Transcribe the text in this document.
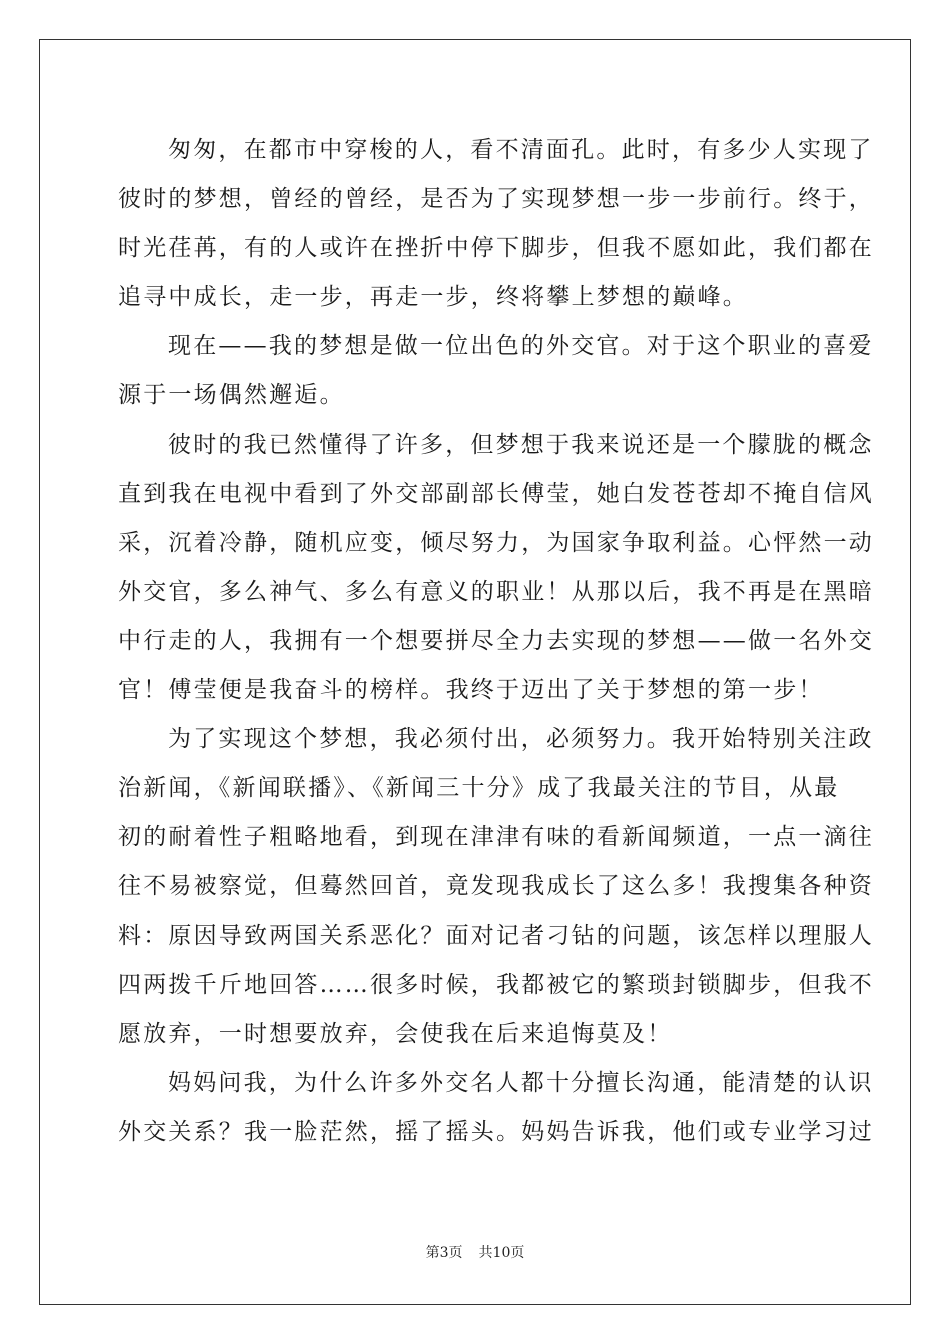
匆匆，在都市中穿梭的人，看不清面孔。此时，有多少人实现了
彼时的梦想，曾经的曾经，是否为了实现梦想一步一步前行。终于，
时光荏苒，有的人或许在挫折中停下脚步，但我不愿如此，我们都在
追寻中成长，走一步，再走一步，终将攀上梦想的巅峰。
现在——我的梦想是做一位出色的外交官。对于这个职业的喜爱
源于一场偶然邂逅。
彼时的我已然懂得了许多，但梦想于我来说还是一个朦胧的概念
直到我在电视中看到了外交部副部长傅莹，她白发苍苍却不掩自信风
采，沉着冷静，随机应变，倾尽努力，为国家争取利益。心怦然一动
外交官，多么神气、多么有意义的职业！从那以后，我不再是在黑暗
中行走的人，我拥有一个想要拼尽全力去实现的梦想——做一名外交
官！傅莹便是我奋斗的榜样。我终于迈出了关于梦想的第一步！
为了实现这个梦想，我必须付出，必须努力。我开始特别关注政
治新闻，《新闻联播》、《新闻三十分》成了我最关注的节目，从最
初的耐着性子粗略地看，到现在津津有味的看新闻频道，一点一滴往
往不易被察觉，但蓦然回首，竟发现我成长了这么多！我搜集各种资
料：原因导致两国关系恶化？面对记者刁钻的问题，该怎样以理服人
四两拨千斤地回答……很多时候，我都被它的繁琐封锁脚步，但我不
愿放弃，一时想要放弃，会使我在后来追悔莫及！
妈妈问我，为什么许多外交名人都十分擅长沟通，能清楚的认识
外交关系？我一脸茫然，摇了摇头。妈妈告诉我，他们或专业学习过
第3页 共10页
